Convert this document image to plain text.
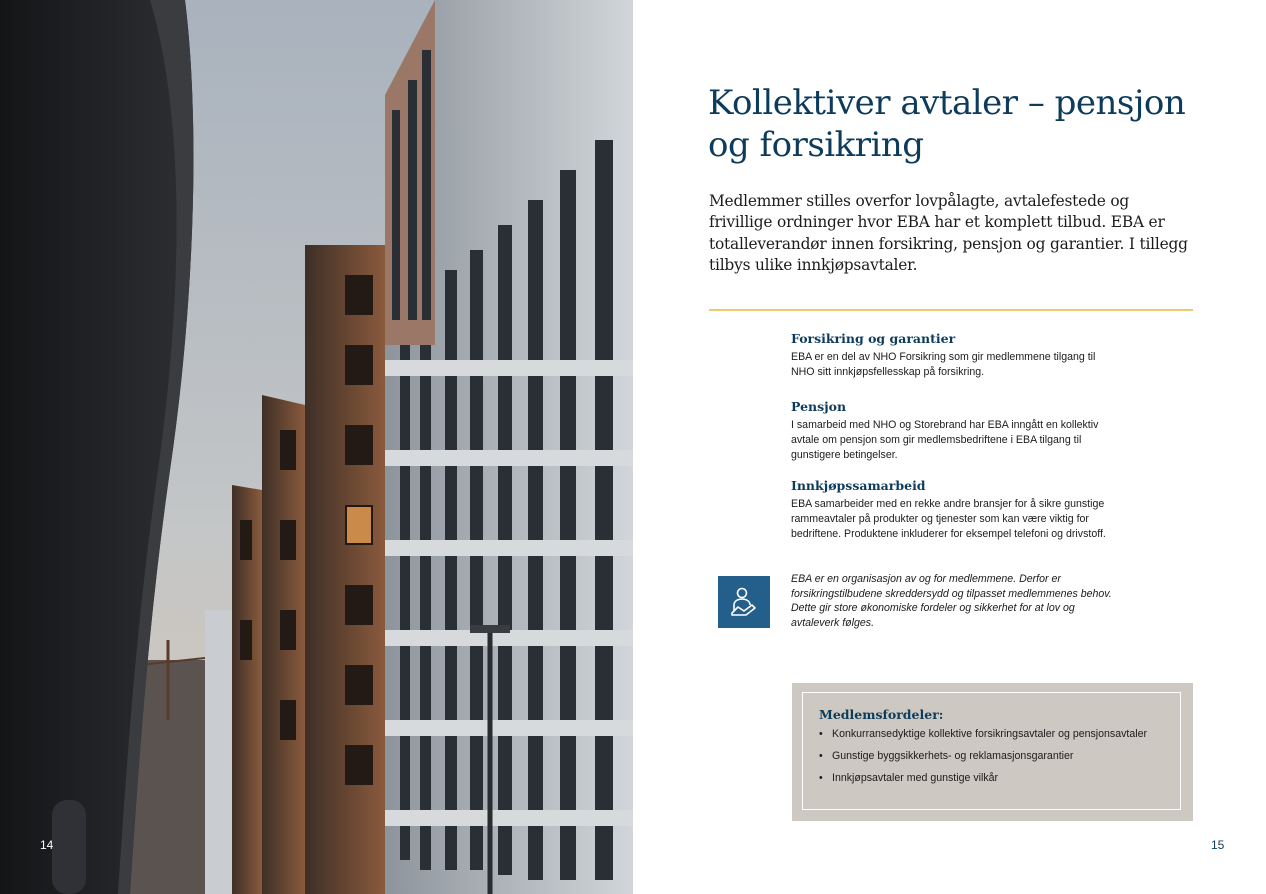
14
Kollektiver avtaler – pensjon og forsikring

Medlemmer stilles overfor lovpålagte, avtalefestede og frivillige ordninger hvor EBA har et komplett tilbud. EBA er totalleverandør innen forsikring, pensjon og garantier. I tillegg tilbys ulike innkjøpsavtaler.

Forsikring og garantier

EBA er en del av NHO Forsikring som gir medlemmene tilgang til NHO sitt innkjøpsfellesskap på forsikring.

Pensjon

I samarbeid med NHO og Storebrand har EBA inngått en kollektiv avtale om pensjon som gir medlemsbedriftene i EBA tilgang til gunstigere betingelser.

Innkjøpssamarbeid

EBA samarbeider med en rekke andre bransjer for å sikre gunstige rammeavtaler på produkter og tjenester som kan være viktig for bedriftene. Produktene inkluderer for eksempel telefoni og drivstoff.

EBA er en organisasjon av og for medlemmene. Derfor er forsikringstilbudene skreddersydd og tilpasset medlemmenes behov. Dette gir store økonomiske fordeler og sikkerhet for at lov og avtaleverk følges.

Medlemsfordeler:
• Konkurransedyktige kollektive forsikringsavtaler og pensjonsavtaler
• Gunstige byggsikkerhets- og reklamasjonsgarantier
• Innkjøpsavtaler med gunstige vilkår
15
